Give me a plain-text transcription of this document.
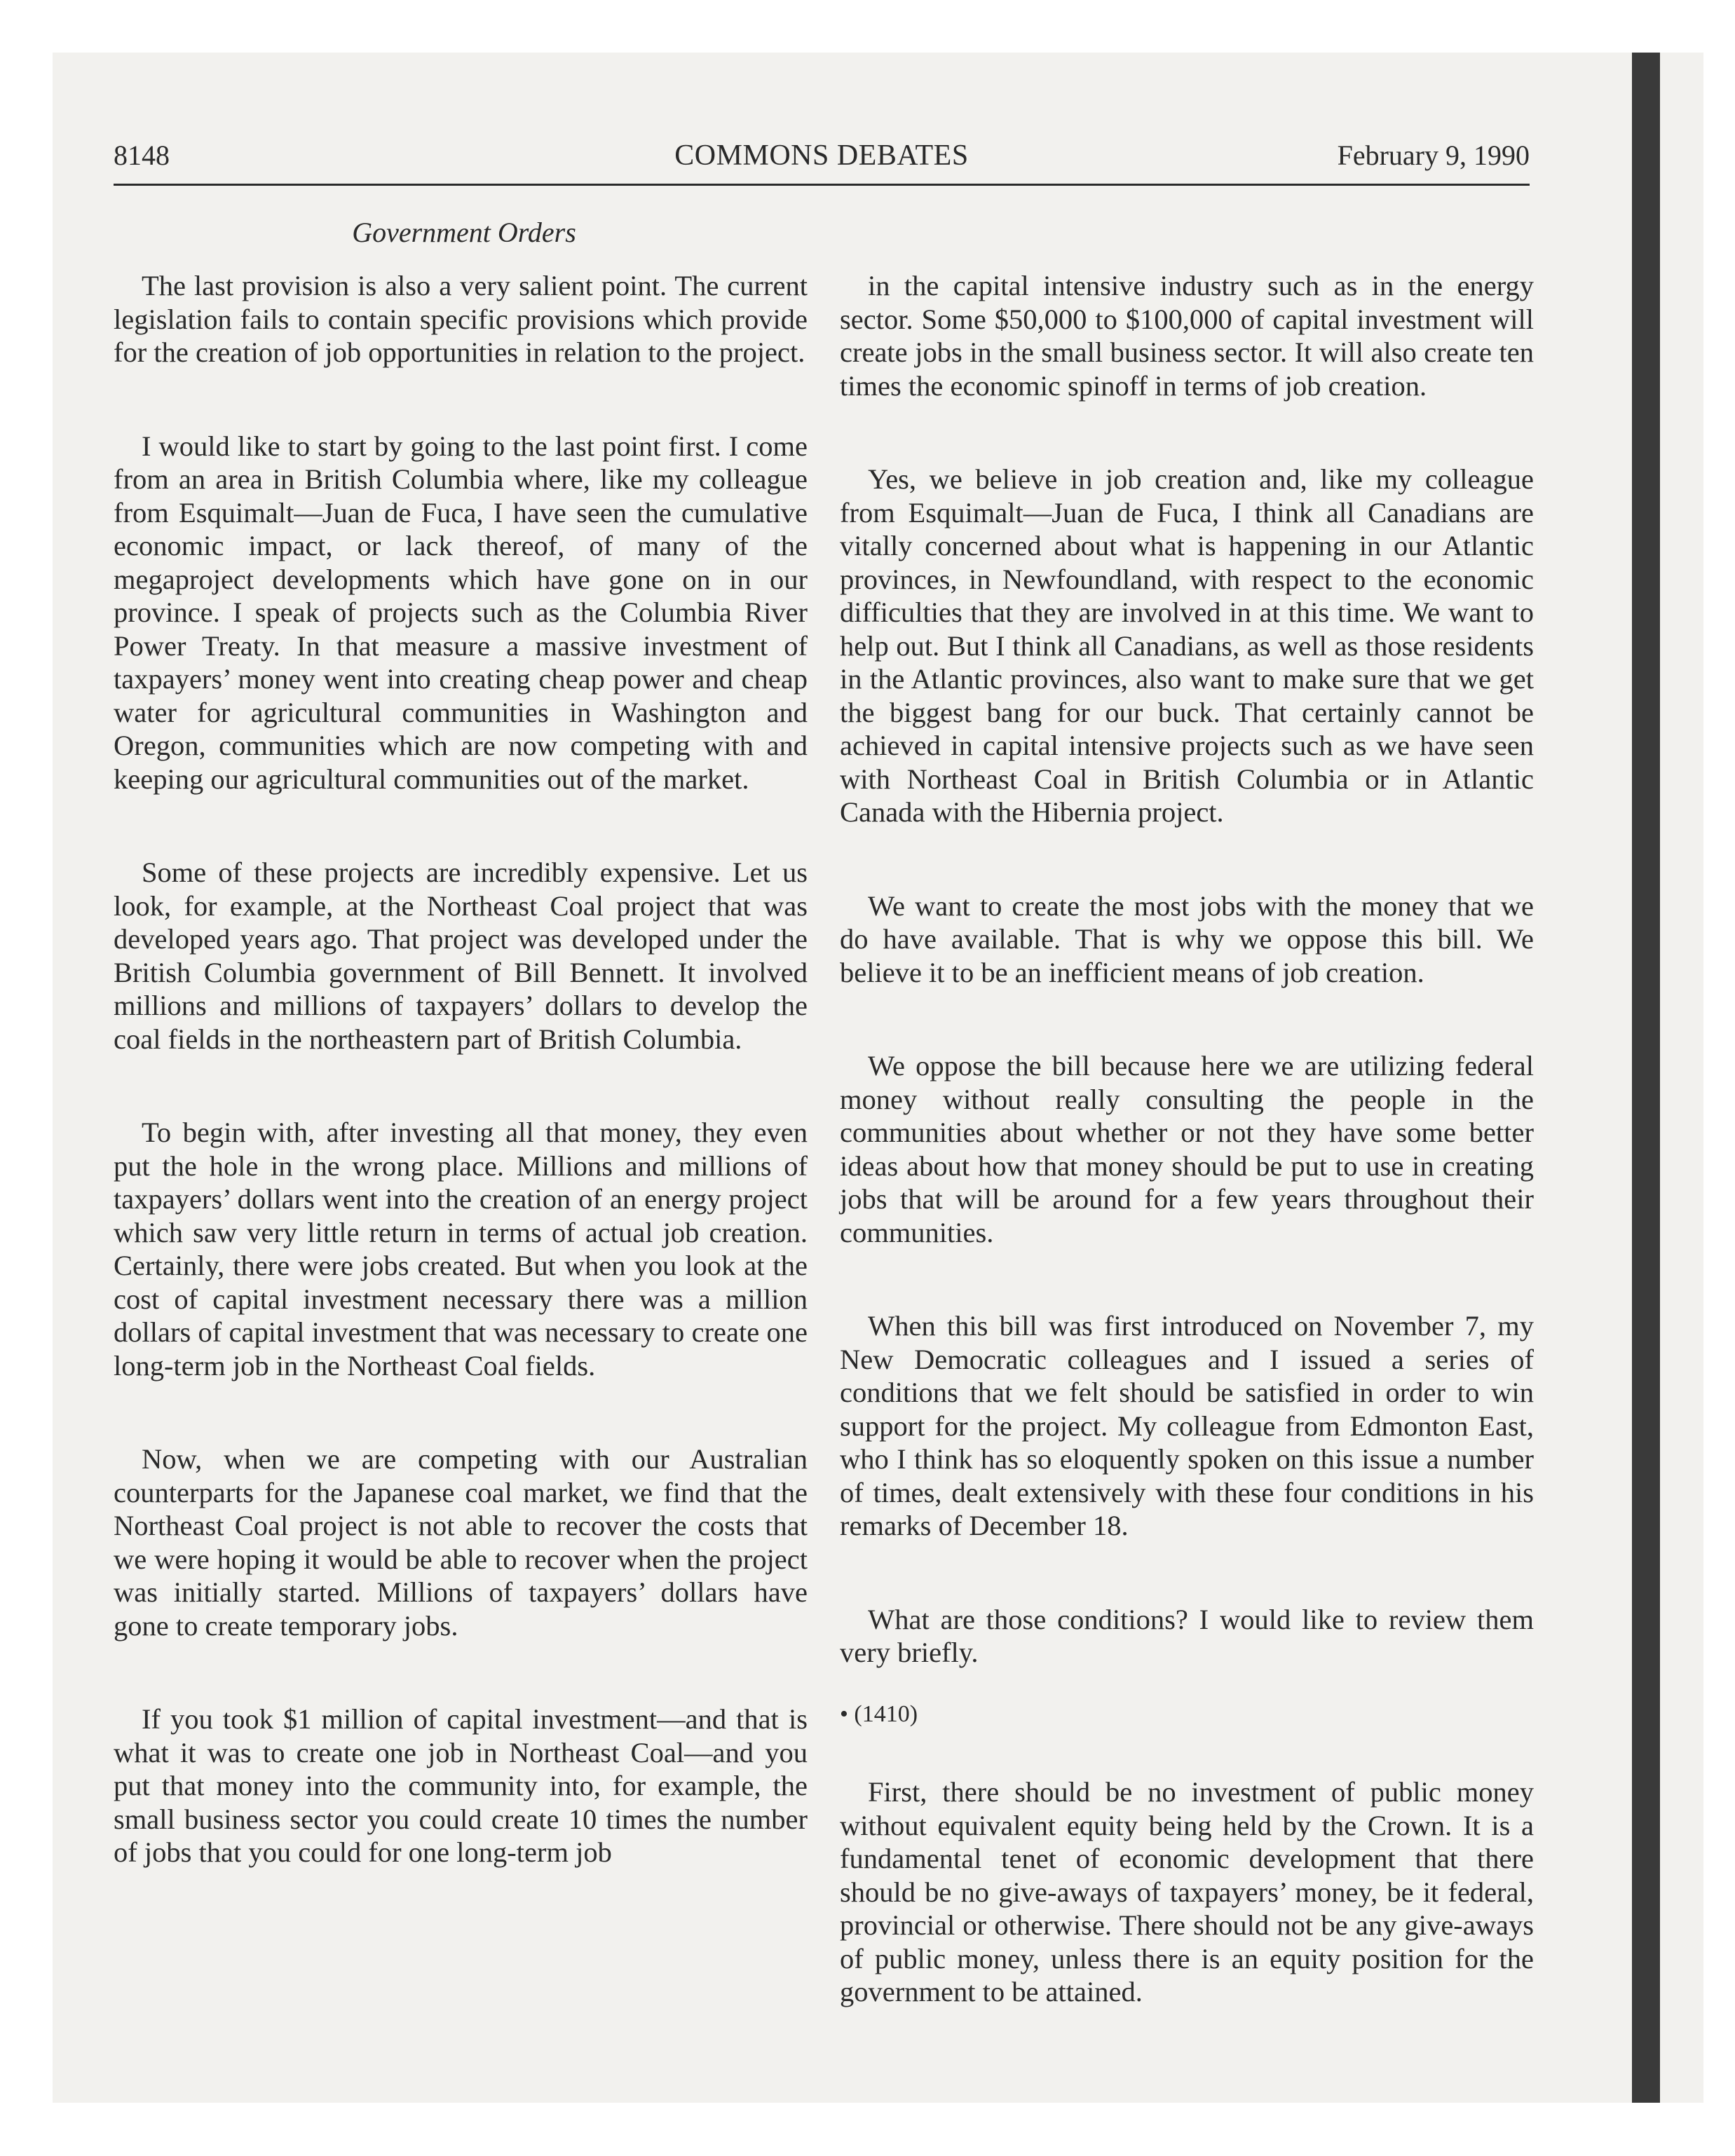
8148	COMMONS DEBATES	February 9, 1990
Government Orders

The last provision is also a very salient point. The current legislation fails to contain specific provisions which provide for the creation of job opportunities in relation to the project.

I would like to start by going to the last point first. I come from an area in British Columbia where, like my colleague from Esquimalt—Juan de Fuca, I have seen the cumulative economic impact, or lack thereof, of many of the megaproject developments which have gone on in our province. I speak of projects such as the Columbia River Power Treaty. In that measure a massive investment of taxpayers’ money went into creating cheap power and cheap water for agricultural communities in Washington and Oregon, communities which are now competing with and keeping our agricultural communities out of the market.

Some of these projects are incredibly expensive. Let us look, for example, at the Northeast Coal project that was developed years ago. That project was developed under the British Columbia government of Bill Bennett. It involved millions and millions of taxpayers’ dollars to develop the coal fields in the northeastern part of British Columbia.

To begin with, after investing all that money, they even put the hole in the wrong place. Millions and millions of taxpayers’ dollars went into the creation of an energy project which saw very little return in terms of actual job creation. Certainly, there were jobs created. But when you look at the cost of capital investment necessary there was a million dollars of capital investment that was necessary to create one long-term job in the Northeast Coal fields.

Now, when we are competing with our Australian counterparts for the Japanese coal market, we find that the Northeast Coal project is not able to recover the costs that we were hoping it would be able to recover when the project was initially started. Millions of taxpayers’ dollars have gone to create temporary jobs.

If you took $1 million of capital investment—and that is what it was to create one job in Northeast Coal—and you put that money into the community into, for example, the small business sector you could create 10 times the number of jobs that you could for one long-term job

in the capital intensive industry such as in the energy sector. Some $50,000 to $100,000 of capital investment will create jobs in the small business sector. It will also create ten times the economic spinoff in terms of job creation.

Yes, we believe in job creation and, like my colleague from Esquimalt—Juan de Fuca, I think all Canadians are vitally concerned about what is happening in our Atlantic provinces, in Newfoundland, with respect to the economic difficulties that they are involved in at this time. We want to help out. But I think all Canadians, as well as those residents in the Atlantic provinces, also want to make sure that we get the biggest bang for our buck. That certainly cannot be achieved in capital intensive projects such as we have seen with Northeast Coal in British Columbia or in Atlantic Canada with the Hibernia project.

We want to create the most jobs with the money that we do have available. That is why we oppose this bill. We believe it to be an inefficient means of job creation.

We oppose the bill because here we are utilizing federal money without really consulting the people in the communities about whether or not they have some better ideas about how that money should be put to use in creating jobs that will be around for a few years throughout their communities.

When this bill was first introduced on November 7, my New Democratic colleagues and I issued a series of conditions that we felt should be satisfied in order to win support for the project. My colleague from Edmonton East, who I think has so eloquently spoken on this issue a number of times, dealt extensively with these four conditions in his remarks of December 18.

What are those conditions? I would like to review them very briefly.

• (1410)

First, there should be no investment of public money without equivalent equity being held by the Crown. It is a fundamental tenet of economic development that there should be no give-aways of taxpayers’ money, be it federal, provincial or otherwise. There should not be any give-aways of public money, unless there is an equity position for the government to be attained.
